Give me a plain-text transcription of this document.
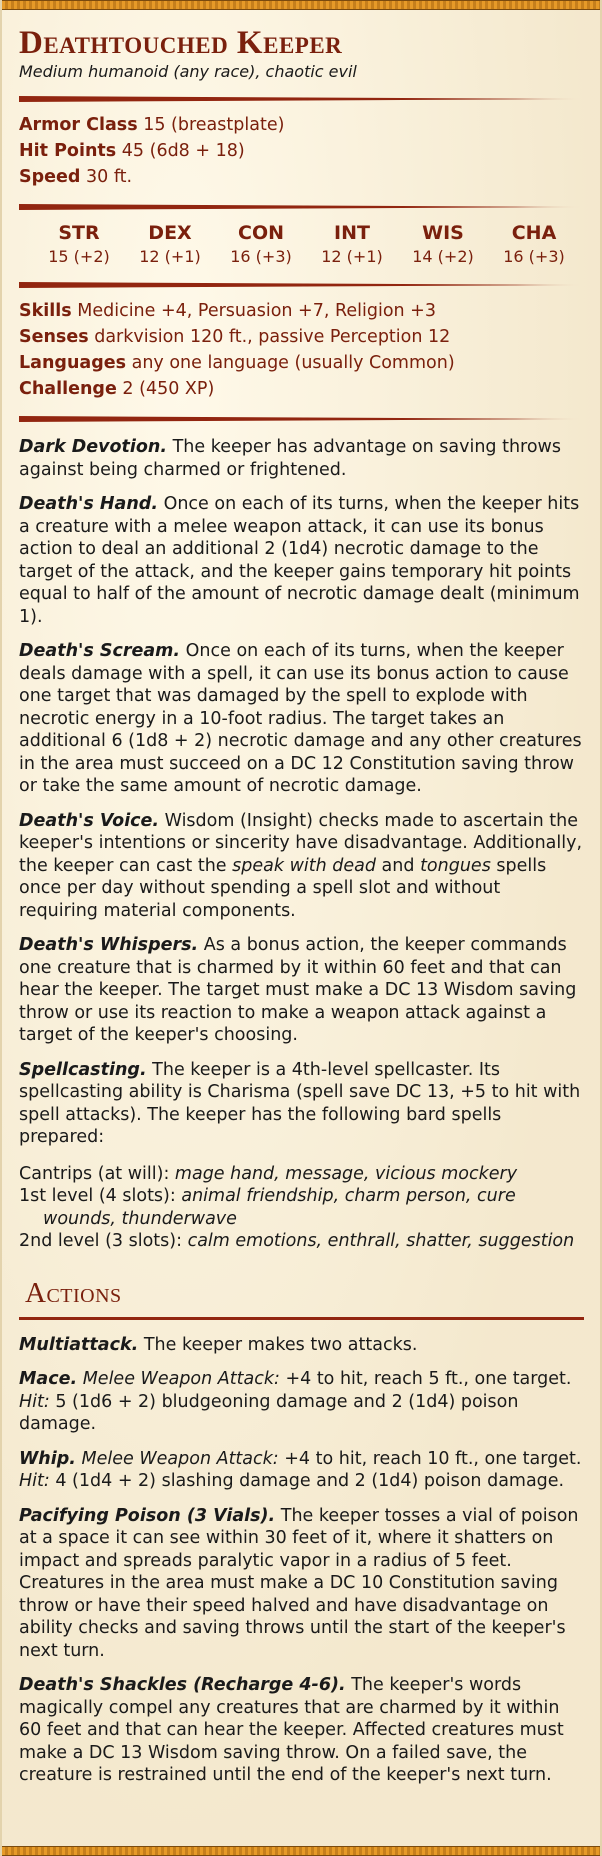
Deathtouched Keeper
Medium humanoid (any race), chaotic evil
Armor Class 15 (breastplate)
Hit Points 45 (6d8 + 18)
Speed 30 ft.
STR
15 (+2)
DEX
12 (+1)
CON
16 (+3)
INT
12 (+1)
WIS
14 (+2)
CHA
16 (+3)
Skills Medicine +4, Persuasion +7, Religion +3
Senses darkvision 120 ft., passive Perception 12
Languages any one language (usually Common)
Challenge 2 (450 XP)

Dark Devotion. The keeper has advantage on saving throws against being charmed or frightened.

Death's Hand. Once on each of its turns, when the keeper hits a creature with a melee weapon attack, it can use its bonus action to deal an additional 2 (1d4) necrotic damage to the target of the attack, and the keeper gains temporary hit points equal to half of the amount of necrotic damage dealt (minimum 1).

Death's Scream. Once on each of its turns, when the keeper deals damage with a spell, it can use its bonus action to cause one target that was damaged by the spell to explode with necrotic energy in a 10-foot radius. The target takes an additional 6 (1d8 + 2) necrotic damage and any other creatures in the area must succeed on a DC 12 Constitution saving throw or take the same amount of necrotic damage.

Death's Voice. Wisdom (Insight) checks made to ascertain the keeper's intentions or sincerity have disadvantage. Additionally, the keeper can cast the speak with dead and tongues spells once per day without spending a spell slot and without requiring material components.

Death's Whispers. As a bonus action, the keeper commands one creature that is charmed by it within 60 feet and that can hear the keeper. The target must make a DC 13 Wisdom saving throw or use its reaction to make a weapon attack against a target of the keeper's choosing.

Spellcasting. The keeper is a 4th-level spellcaster. Its spellcasting ability is Charisma (spell save DC 13, +5 to hit with spell attacks). The keeper has the following bard spells prepared:
Cantrips (at will): mage hand, message, vicious mockery
1st level (4 slots): animal friendship, charm person, cure wounds, thunderwave
2nd level (3 slots): calm emotions, enthrall, shatter, suggestion
Actions

Multiattack. The keeper makes two attacks.

Mace. Melee Weapon Attack: +4 to hit, reach 5 ft., one target. Hit: 5 (1d6 + 2) bludgeoning damage and 2 (1d4) poison damage.

Whip. Melee Weapon Attack: +4 to hit, reach 10 ft., one target. Hit: 4 (1d4 + 2) slashing damage and 2 (1d4) poison damage.

Pacifying Poison (3 Vials). The keeper tosses a vial of poison at a space it can see within 30 feet of it, where it shatters on impact and spreads paralytic vapor in a radius of 5 feet. Creatures in the area must make a DC 10 Constitution saving throw or have their speed halved and have disadvantage on ability checks and saving throws until the start of the keeper's next turn.

Death's Shackles (Recharge 4-6). The keeper's words magically compel any creatures that are charmed by it within 60 feet and that can hear the keeper. Affected creatures must make a DC 13 Wisdom saving throw. On a failed save, the creature is restrained until the end of the keeper's next turn.
